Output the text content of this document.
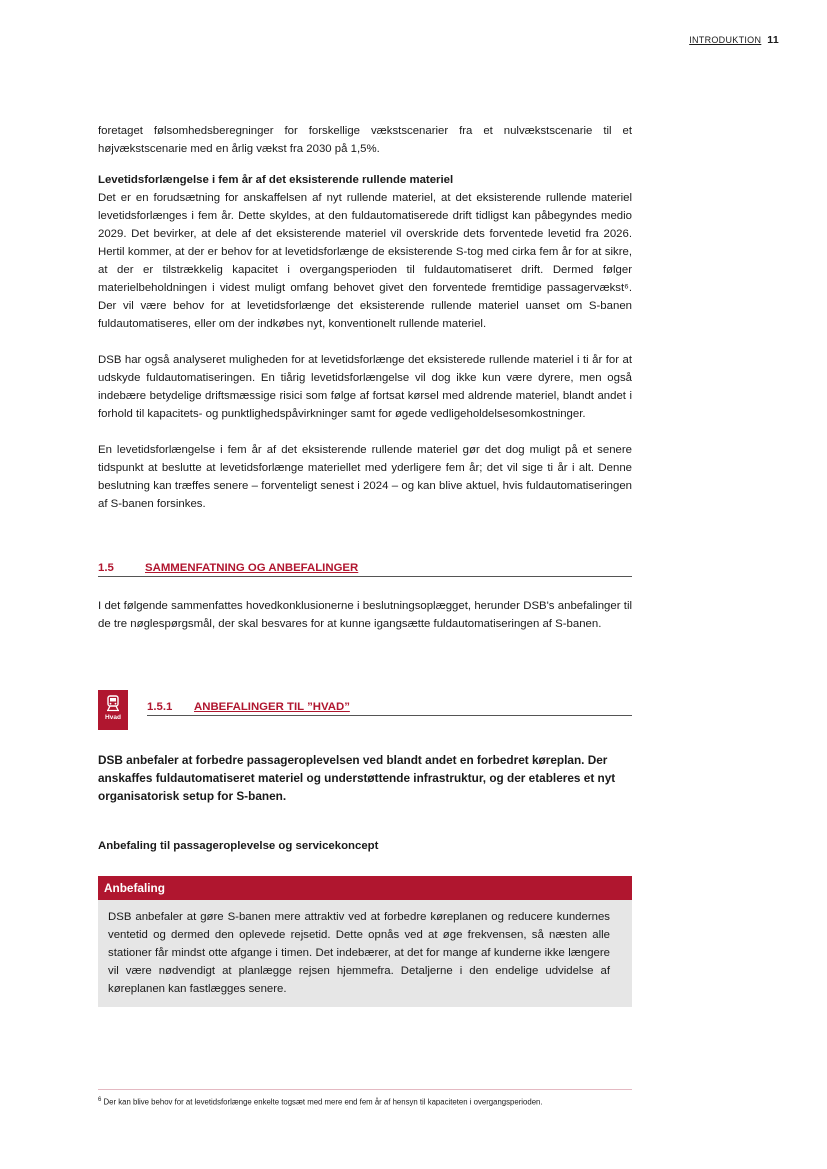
INTRODUKTION 11

foretaget følsomhedsberegninger for forskellige vækstscenarier fra et nulvækstscenarie til et højvækstscenarie med en årlig vækst fra 2030 på 1,5%.

Levetidsforlængelse i fem år af det eksisterende rullende materiel

Det er en forudsætning for anskaffelsen af nyt rullende materiel, at det eksisterende rullende materiel levetidsforlænges i fem år. Dette skyldes, at den fuldautomatiserede drift tidligst kan påbegyndes medio 2029. Det bevirker, at dele af det eksisterende materiel vil overskride dets forventede levetid fra 2026. Hertil kommer, at der er behov for at levetidsforlænge de eksisterende S-tog med cirka fem år for at sikre, at der er tilstrækkelig kapacitet i overgangsperioden til fuldautomatiseret drift. Dermed følger materielbeholdningen i videst muligt omfang behovet givet den forventede fremtidige passagervækst⁶. Der vil være behov for at levetidsforlænge det eksisterende rullende materiel uanset om S-banen fuldautomatiseres, eller om der indkøbes nyt, konventionelt rullende materiel.

DSB har også analyseret muligheden for at levetidsforlænge det eksisterede rullende materiel i ti år for at udskyde fuldautomatiseringen. En tiårig levetidsforlængelse vil dog ikke kun være dyrere, men også indebære betydelige driftsmæssige risici som følge af fortsat kørsel med aldrende materiel, blandt andet i forhold til kapacitets- og punktlighedspåvirkninger samt for øgede vedligeholdelsesomkostninger.

En levetidsforlængelse i fem år af det eksisterende rullende materiel gør det dog muligt på et senere tidspunkt at beslutte at levetidsforlænge materiellet med yderligere fem år; det vil sige ti år i alt. Denne beslutning kan træffes senere – forventeligt senest i 2024 – og kan blive aktuel, hvis fuldautomatiseringen af S-banen forsinkes.

1.5	SAMMENFATNING OG ANBEFALINGER

I det følgende sammenfattes hovedkonklusionerne i beslutningsoplægget, herunder DSB's anbefalinger til de tre nøglespørgsmål, der skal besvares for at kunne igangsætte fuldautomatiseringen af S-banen.

Hvad
1.5.1 ANBEFALINGER TIL ”HVAD”
DSB anbefaler at forbedre passageroplevelsen ved blandt andet en forbedret køreplan. Der anskaffes fuldautomatiseret materiel og understøttende infrastruktur, og der etableres et nyt organisatorisk setup for S-banen.
Anbefaling til passageroplevelse og servicekoncept
Anbefaling

DSB anbefaler at gøre S-banen mere attraktiv ved at forbedre køreplanen og reducere kundernes ventetid og dermed den oplevede rejsetid. Dette opnås ved at øge frekvensen, så næsten alle stationer får mindst otte afgange i timen. Det indebærer, at det for mange af kunderne ikke længere vil være nødvendigt at planlægge rejsen hjemmefra. Detaljerne i den endelige udvidelse af køreplanen kan fastlægges senere.

$^6$ Der kan blive behov for at levetidsforlænge enkelte togsæt med mere end fem år af hensyn til kapaciteten i overgangsperioden.
